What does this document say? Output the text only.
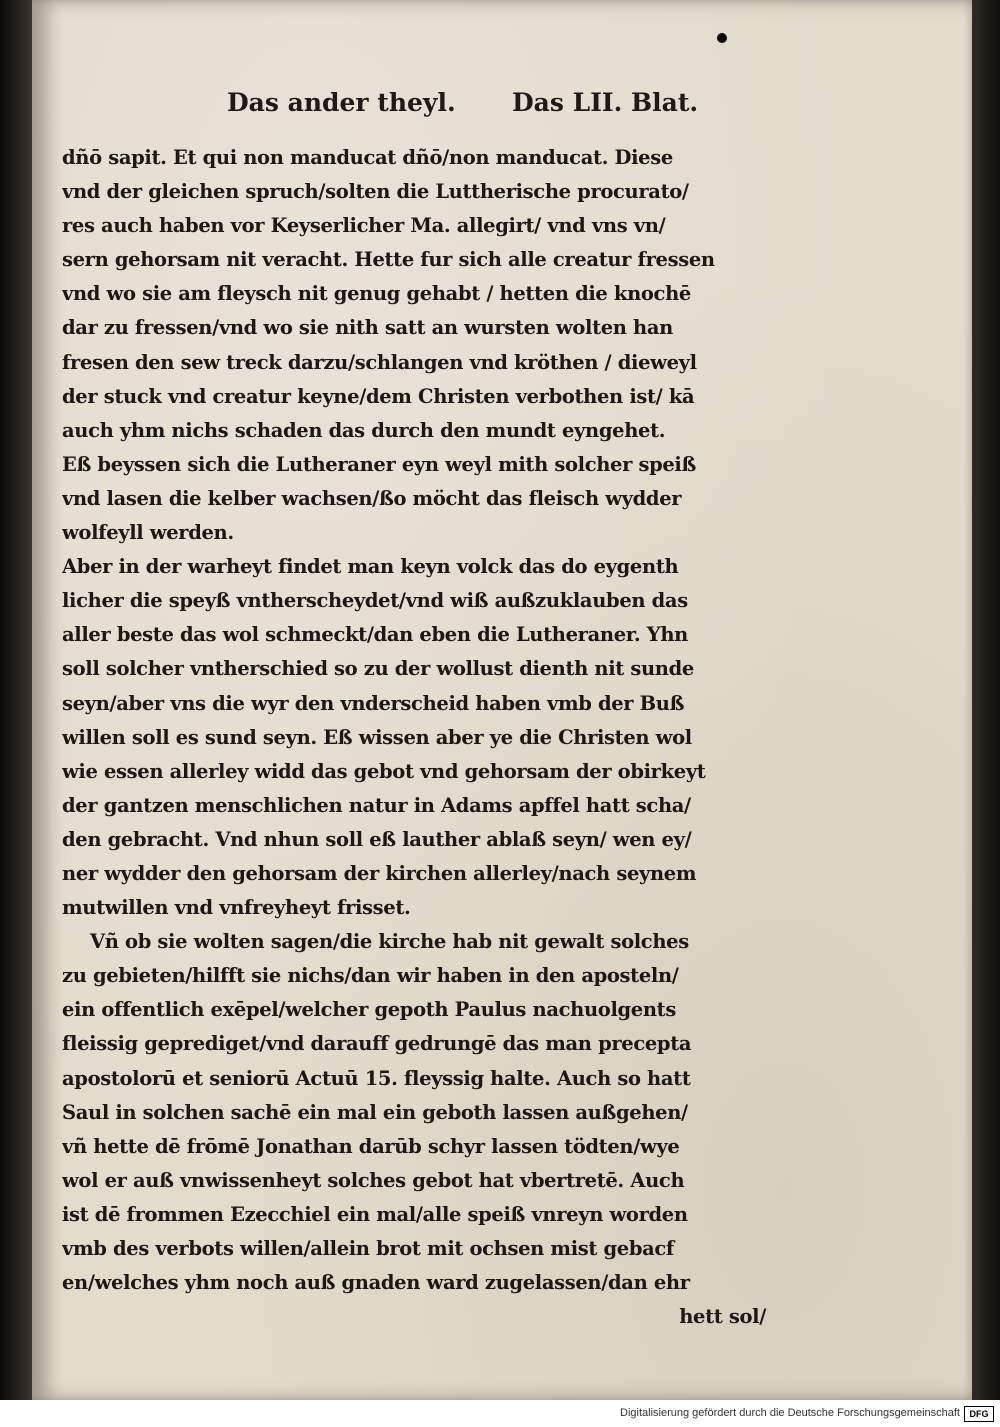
Das ander theyl. Das LII. Blat.
dñō sapit. Et qui non manducat dñō/non manducat. Diese
vnd der gleichen spruch/solten die Luttherische procurato/
res auch haben vor Keyserlicher Ma. allegirt/ vnd vns vn/
sern gehorsam nit veracht. Hette fur sich alle creatur fressen
vnd wo sie am fleysch nit genug gehabt / hetten die knochē
dar zu fressen/vnd wo sie nith satt an wursten wolten han
fresen den sew treck darzu/schlangen vnd kröthen / dieweyl
der stuck vnd creatur keyne/dem Christen verbothen ist/ kā
auch yhm nichs schaden das durch den mundt eyngehet.
Eß beyssen sich die Lutheraner eyn weyl mith solcher speiß
vnd lasen die kelber wachsen/ßo möcht das fleisch wydder
wolfeyll werden.
Aber in der warheyt findet man keyn volck das do eygenth
licher die speyß vntherscheydet/vnd wiß außzuklauben das
aller beste das wol schmeckt/dan eben die Lutheraner. Yhn
soll solcher vntherschied so zu der wollust dienth nit sunde
seyn/aber vns die wyr den vnderscheid haben vmb der Buß
willen soll es sund seyn. Eß wissen aber ye die Christen wol
wie essen allerley widd das gebot vnd gehorsam der obirkeyt
der gantzen menschlichen natur in Adams apffel hatt scha/
den gebracht. Vnd nhun soll eß lauther ablaß seyn/ wen ey/
ner wydder den gehorsam der kirchen allerley/nach seynem
mutwillen vnd vnfreyheyt frisset.
Vñ ob sie wolten sagen/die kirche hab nit gewalt solches
zu gebieten/hilfft sie nichs/dan wir haben in den aposteln/
ein offentlich exēpel/welcher gepoth Paulus nachuolgents
fleissig geprediget/vnd darauff gedrungē das man precepta
apostolorū et seniorū Actuū 15. fleyssig halte. Auch so hatt
Saul in solchen sachē ein mal ein geboth lassen außgehen/
vñ hette dē frōmē Jonathan darūb schyr lassen tödten/wye
wol er auß vnwissenheyt solches gebot hat vbertretē. Auch
ist dē frommen Ezecchiel ein mal/alle speiß vnreyn worden
vmb des verbots willen/allein brot mit ochsen mist gebacf
en/welches yhm noch auß gnaden ward zugelassen/dan ehr
hett sol/
Digitalisierung gefördert durch die Deutsche Forschungsgemeinschaft	DFG
